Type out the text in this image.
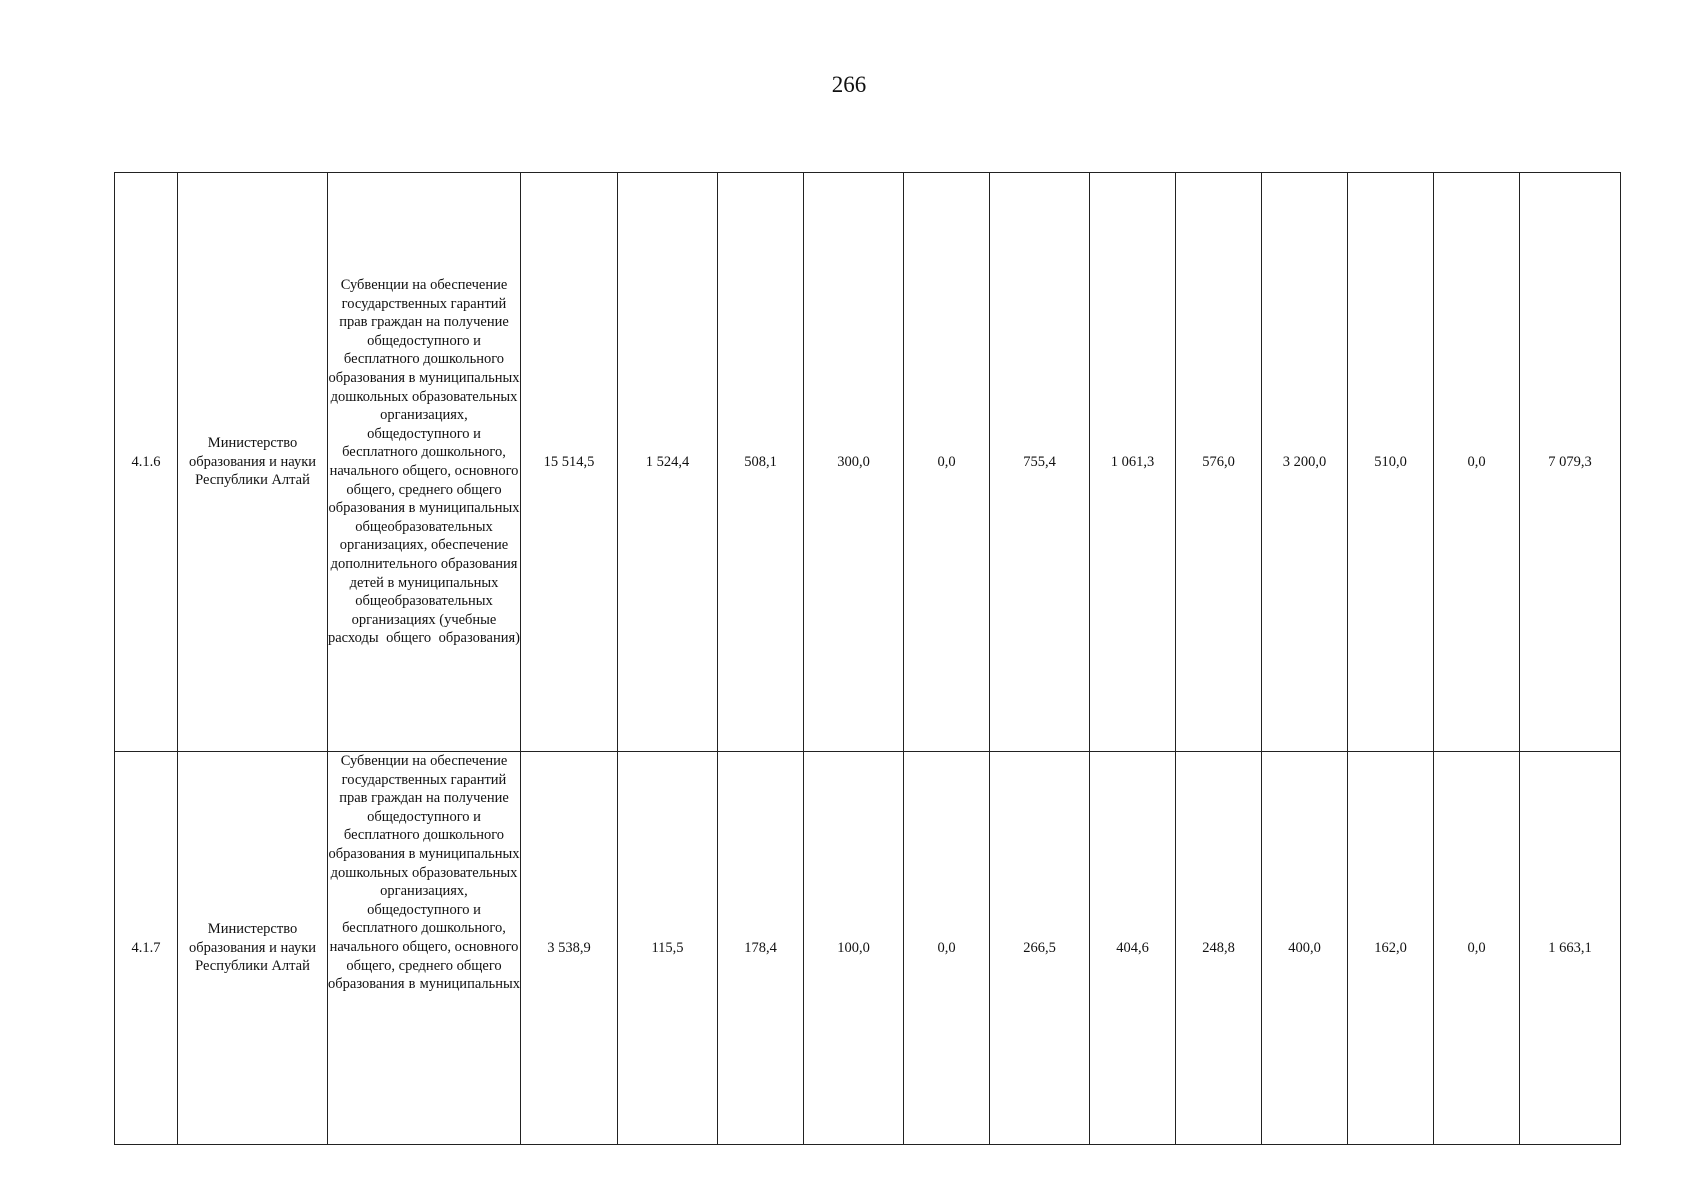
266
4.1.6	Министерство образования и науки Республики Алтай	Субвенции на обеспечение государственных гарантий прав граждан на получение общедоступного и бесплатного дошкольного образования в муниципальных дошкольных образовательных организациях, общедоступного и бесплатного дошкольного, начального общего, основного общего, среднего общего образования в муниципальных общеобразовательных организациях, обеспечение дополнительного образования детей в муниципальных общеобразовательных организациях (учебные расходы общего образования)	15 514,5	1 524,4	508,1	300,0	0,0	755,4	1 061,3	576,0	3 200,0	510,0	0,0	7 079,3
4.1.7	Министерство образования и науки Республики Алтай	Субвенции на обеспечение государственных гарантий прав граждан на получение общедоступного и бесплатного дошкольного образования в муниципальных дошкольных образовательных организациях, общедоступного и бесплатного дошкольного, начального общего, основного общего, среднего общего образования в муниципальных	3 538,9	115,5	178,4	100,0	0,0	266,5	404,6	248,8	400,0	162,0	0,0	1 663,1
